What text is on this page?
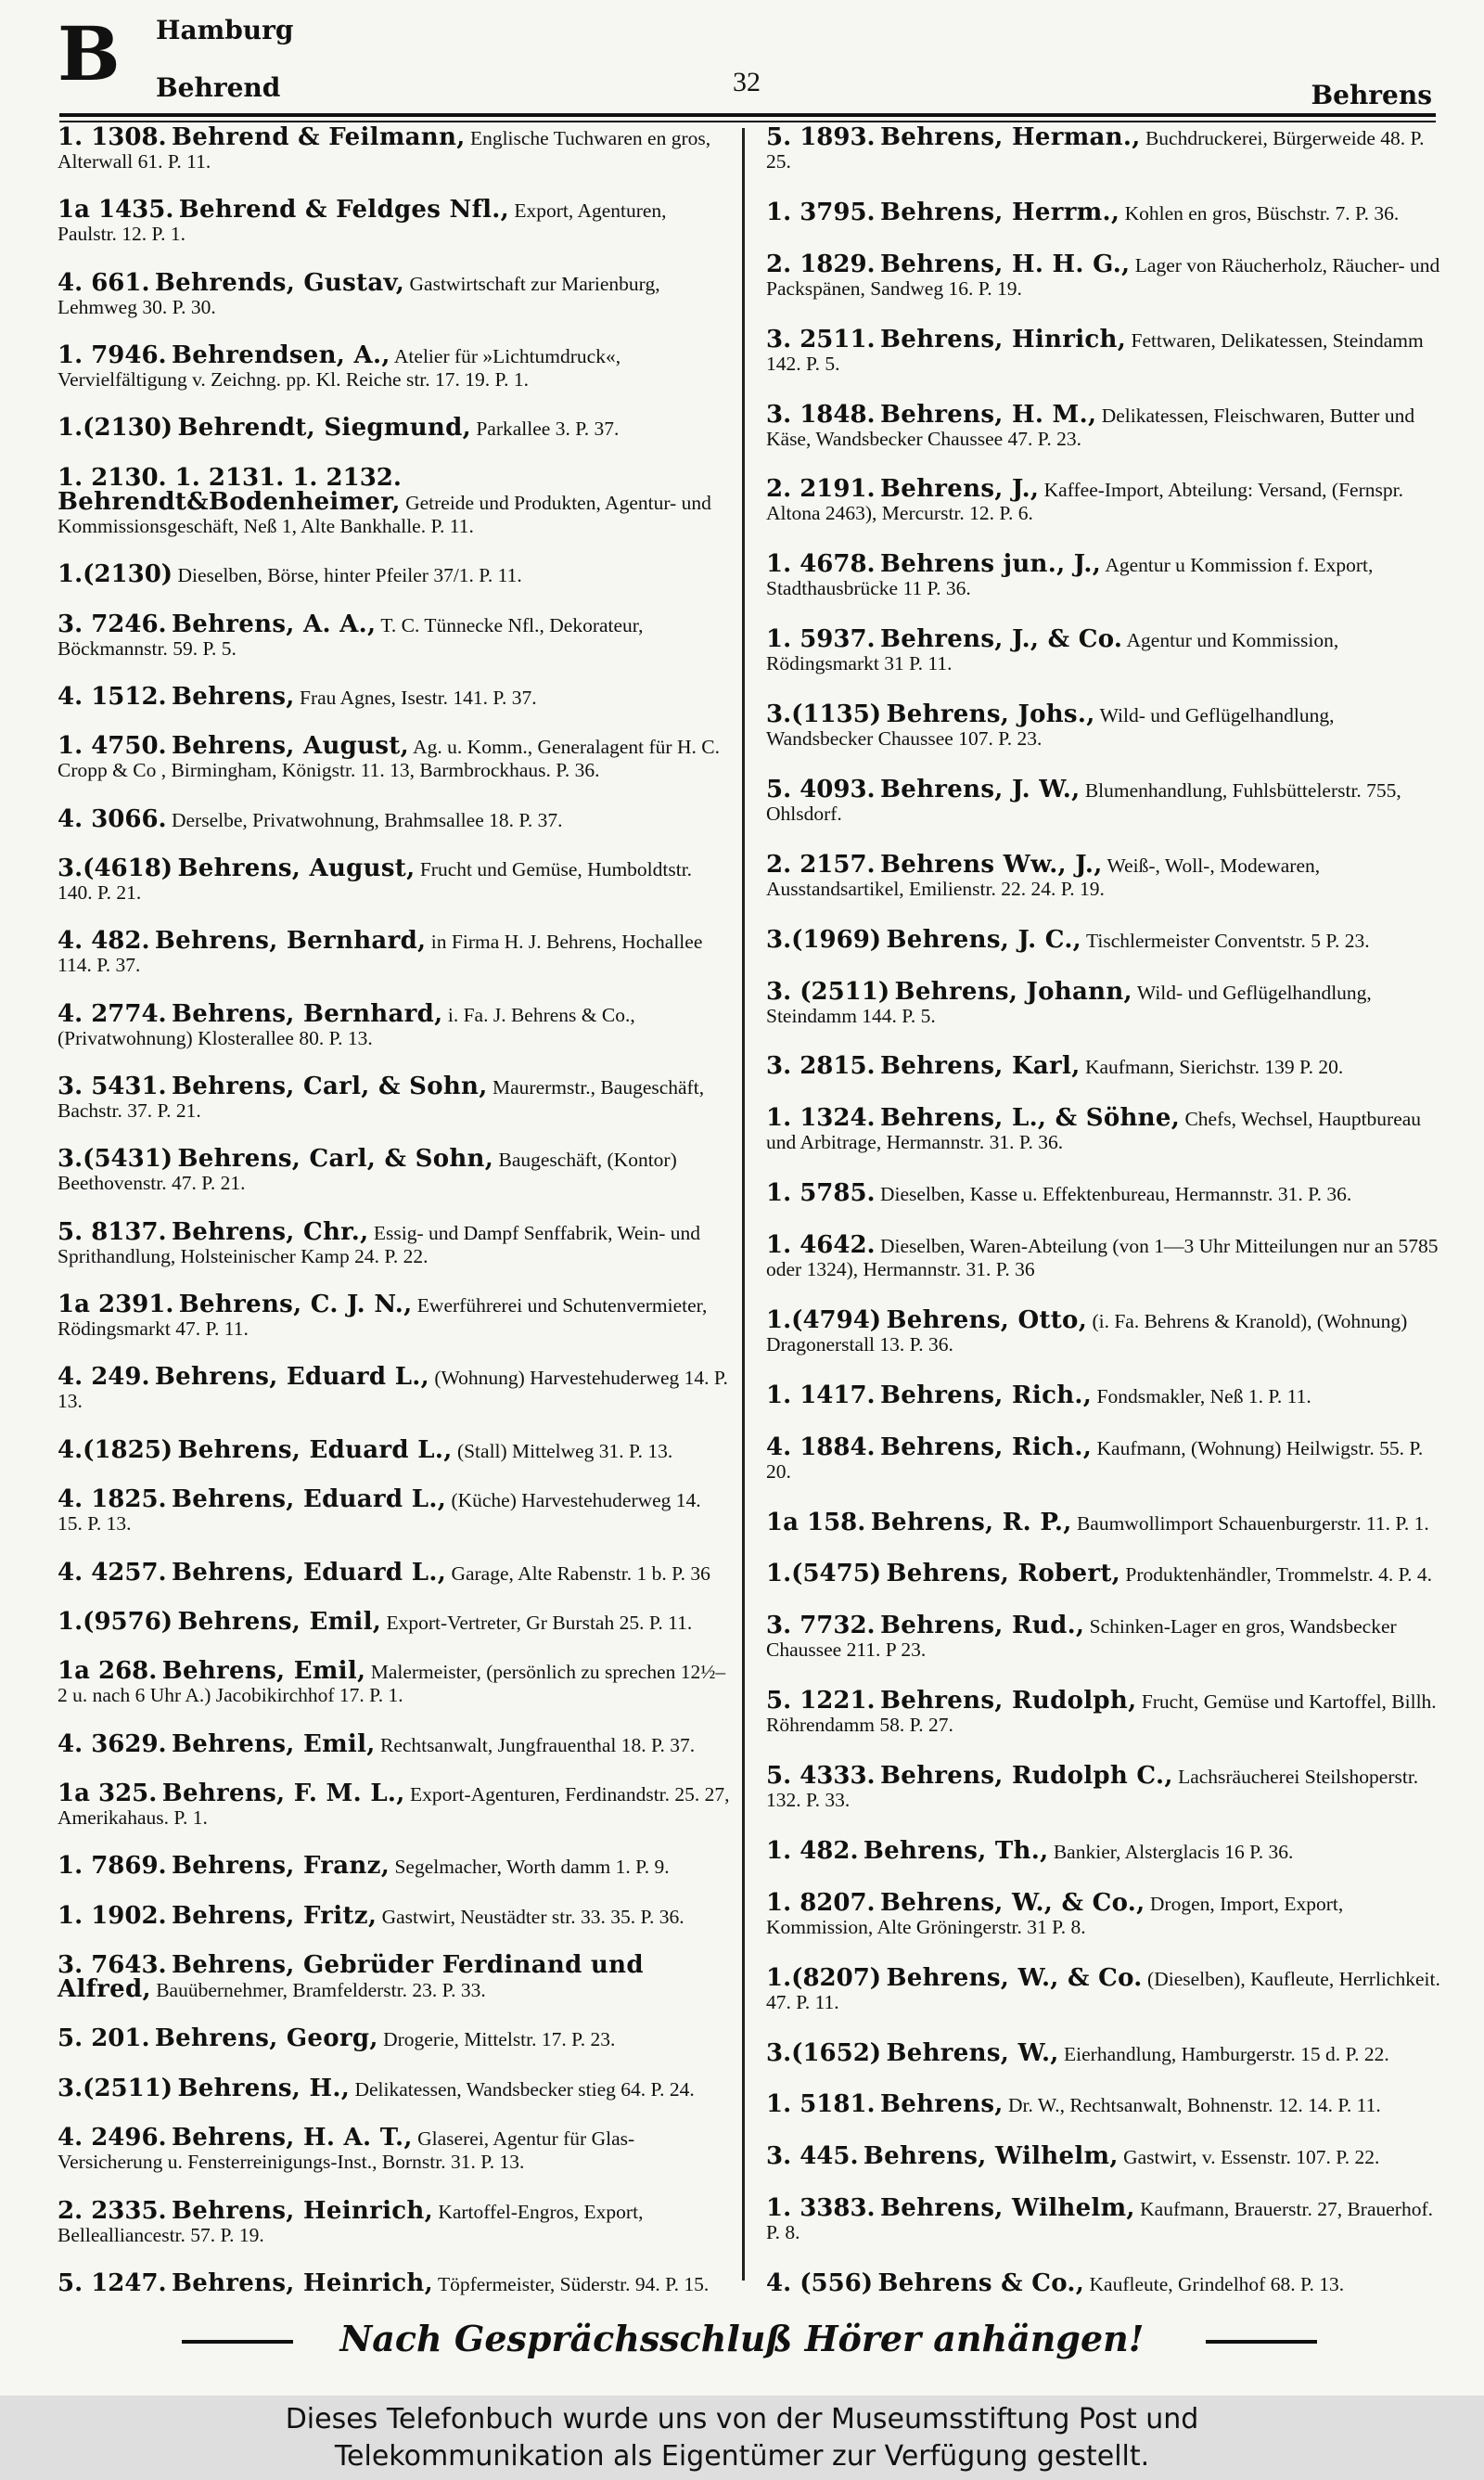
B Hamburg
Behrend	32	Behrens
1. 1308. Behrend & Feilmann, Englische Tuchwaren en gros, Alterwall 61. P. 11.
1a 1435. Behrend & Feldges Nfl., Export, Agenturen, Paulstr. 12. P. 1.
4. 661. Behrends, Gustav, Gastwirtschaft zur Marienburg, Lehmweg 30. P. 30.
1. 7946. Behrendsen, A., Atelier für »Lichtumdruck«, Vervielfältigung v. Zeichng. pp. Kl. Reiche str. 17. 19. P. 1.
1.(2130) Behrendt, Siegmund, Parkallee 3. P. 37.
1. 2130. 1. 2131. 1. 2132. Behrendt&Bodenheimer, Getreide und Produkten, Agentur- und Kommissionsgeschäft, Neß 1, Alte Bankhalle. P. 11.
1.(2130) Dieselben, Börse, hinter Pfeiler 37/1. P. 11.
3. 7246. Behrens, A. A., T. C. Tünnecke Nfl., Dekorateur, Böckmannstr. 59. P. 5.
4. 1512. Behrens, Frau Agnes, Isestr. 141. P. 37.
1. 4750. Behrens, August, Ag. u. Komm., Generalagent für H. C. Cropp & Co , Birmingham, Königstr. 11. 13, Barmbrockhaus. P. 36.
4. 3066. Derselbe, Privatwohnung, Brahmsallee 18. P. 37.
3.(4618) Behrens, August, Frucht und Gemüse, Humboldtstr. 140. P. 21.
4. 482. Behrens, Bernhard, in Firma H. J. Behrens, Hochallee 114. P. 37.
4. 2774. Behrens, Bernhard, i. Fa. J. Behrens & Co., (Privatwohnung) Klosterallee 80. P. 13.
3. 5431. Behrens, Carl, & Sohn, Maurermstr., Baugeschäft, Bachstr. 37. P. 21.
3.(5431) Behrens, Carl, & Sohn, Baugeschäft, (Kontor) Beethovenstr. 47. P. 21.
5. 8137. Behrens, Chr., Essig- und Dampf Senffabrik, Wein- und Sprithandlung, Holsteinischer Kamp 24. P. 22.
1a 2391. Behrens, C. J. N., Ewerführerei und Schutenvermieter, Rödingsmarkt 47. P. 11.
4. 249. Behrens, Eduard L., (Wohnung) Harvestehuderweg 14. P. 13.
4.(1825) Behrens, Eduard L., (Stall) Mittelweg 31. P. 13.
4. 1825. Behrens, Eduard L., (Küche) Harvestehuderweg 14. 15. P. 13.
4. 4257. Behrens, Eduard L., Garage, Alte Rabenstr. 1 b. P. 36
1.(9576) Behrens, Emil, Export-Vertreter, Gr Burstah 25. P. 11.
1a 268. Behrens, Emil, Malermeister, (persönlich zu sprechen 12½–2 u. nach 6 Uhr A.) Jacobikirchhof 17. P. 1.
4. 3629. Behrens, Emil, Rechtsanwalt, Jungfrauenthal 18. P. 37.
1a 325. Behrens, F. M. L., Export-Agenturen, Ferdinandstr. 25. 27, Amerikahaus. P. 1.
1. 7869. Behrens, Franz, Segelmacher, Worth damm 1. P. 9.
1. 1902. Behrens, Fritz, Gastwirt, Neustädter str. 33. 35. P. 36.
3. 7643. Behrens, Gebrüder Ferdinand und Alfred, Bauübernehmer, Bramfelderstr. 23. P. 33.
5. 201. Behrens, Georg, Drogerie, Mittelstr. 17. P. 23.
3.(2511) Behrens, H., Delikatessen, Wandsbecker stieg 64. P. 24.
4. 2496. Behrens, H. A. T., Glaserei, Agentur für Glas-Versicherung u. Fensterreinigungs-Inst., Bornstr. 31. P. 13.
2. 2335. Behrens, Heinrich, Kartoffel-Engros, Export, Bellealliancestr. 57. P. 19.
5. 1247. Behrens, Heinrich, Töpfermeister, Süderstr. 94. P. 15.
5. 1893. Behrens, Herman., Buchdruckerei, Bürgerweide 48. P. 25.
1. 3795. Behrens, Herrm., Kohlen en gros, Büschstr. 7. P. 36.
2. 1829. Behrens, H. H. G., Lager von Räucherholz, Räucher- und Packspänen, Sandweg 16. P. 19.
3. 2511. Behrens, Hinrich, Fettwaren, Delikatessen, Steindamm 142. P. 5.
3. 1848. Behrens, H. M., Delikatessen, Fleischwaren, Butter und Käse, Wandsbecker Chaussee 47. P. 23.
2. 2191. Behrens, J., Kaffee-Import, Abteilung: Versand, (Fernspr. Altona 2463), Mercurstr. 12. P. 6.
1. 4678. Behrens jun., J., Agentur u Kommission f. Export, Stadthausbrücke 11 P. 36.
1. 5937. Behrens, J., & Co. Agentur und Kommission, Rödingsmarkt 31 P. 11.
3.(1135) Behrens, Johs., Wild- und Geflügelhandlung, Wandsbecker Chaussee 107. P. 23.
5. 4093. Behrens, J. W., Blumenhandlung, Fuhlsbüttelerstr. 755, Ohlsdorf.
2. 2157. Behrens Ww., J., Weiß-, Woll-, Modewaren, Ausstandsartikel, Emilienstr. 22. 24. P. 19.
3.(1969) Behrens, J. C., Tischlermeister Conventstr. 5 P. 23.
3. (2511) Behrens, Johann, Wild- und Geflügelhandlung, Steindamm 144. P. 5.
3. 2815. Behrens, Karl, Kaufmann, Sierichstr. 139 P. 20.
1. 1324. Behrens, L., & Söhne, Chefs, Wechsel, Hauptbureau und Arbitrage, Hermannstr. 31. P. 36.
1. 5785. Dieselben, Kasse u. Effektenbureau, Hermannstr. 31. P. 36.
1. 4642. Dieselben, Waren-Abteilung (von 1—3 Uhr Mitteilungen nur an 5785 oder 1324), Hermannstr. 31. P. 36
1.(4794) Behrens, Otto, (i. Fa. Behrens & Kranold), (Wohnung) Dragonerstall 13. P. 36.
1. 1417. Behrens, Rich., Fondsmakler, Neß 1. P. 11.
4. 1884. Behrens, Rich., Kaufmann, (Wohnung) Heilwigstr. 55. P. 20.
1a 158. Behrens, R. P., Baumwollimport Schauenburgerstr. 11. P. 1.
1.(5475) Behrens, Robert, Produktenhändler, Trommelstr. 4. P. 4.
3. 7732. Behrens, Rud., Schinken-Lager en gros, Wandsbecker Chaussee 211. P 23.
5. 1221. Behrens, Rudolph, Frucht, Gemüse und Kartoffel, Billh. Röhrendamm 58. P. 27.
5. 4333. Behrens, Rudolph C., Lachsräucherei Steilshoperstr. 132. P. 33.
1. 482. Behrens, Th., Bankier, Alsterglacis 16 P. 36.
1. 8207. Behrens, W., & Co., Drogen, Import, Export, Kommission, Alte Gröningerstr. 31 P. 8.
1.(8207) Behrens, W., & Co. (Dieselben), Kaufleute, Herrlichkeit. 47. P. 11.
3.(1652) Behrens, W., Eierhandlung, Hamburgerstr. 15 d. P. 22.
1. 5181. Behrens, Dr. W., Rechtsanwalt, Bohnenstr. 12. 14. P. 11.
3. 445. Behrens, Wilhelm, Gastwirt, v. Essenstr. 107. P. 22.
1. 3383. Behrens, Wilhelm, Kaufmann, Brauerstr. 27, Brauerhof. P. 8.
4. (556) Behrens & Co., Kaufleute, Grindelhof 68. P. 13.
Nach Gesprächsschluß Hörer anhängen!
Dieses Telefonbuch wurde uns von der Museumsstiftung Post und
Telekommunikation als Eigentümer zur Verfügung gestellt.
